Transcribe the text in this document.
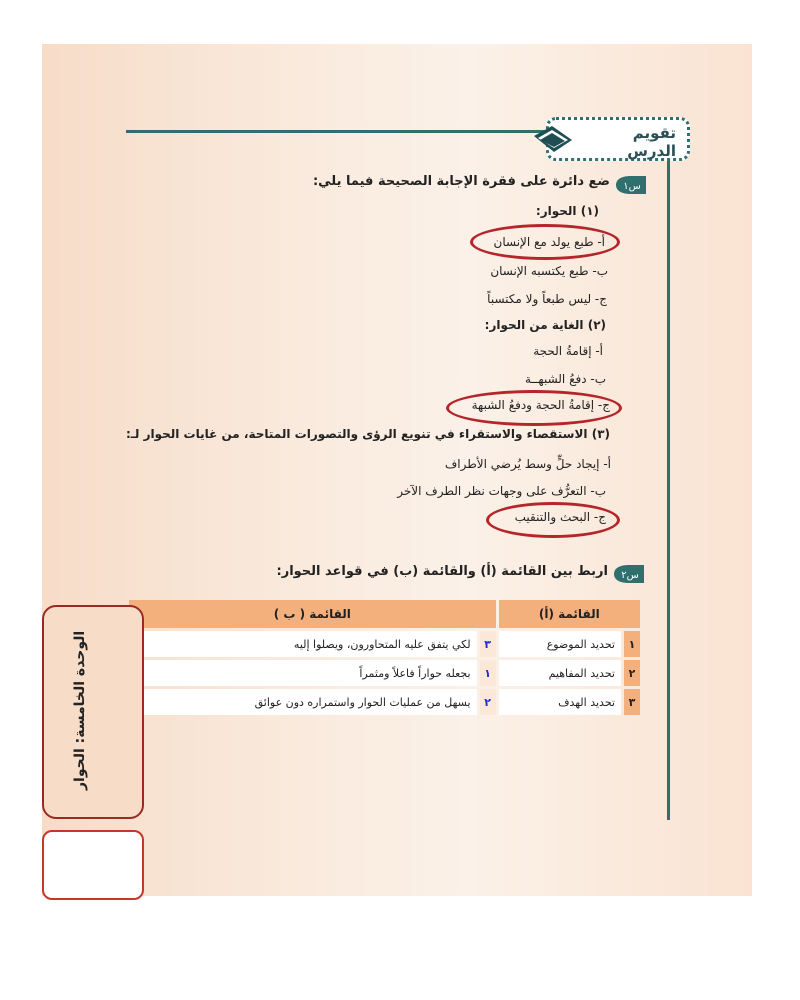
تقويم الدرس
س١
ضع دائرة على فقرة الإجابة الصحيحة فيما يلي:
(١) الحوار:
أ- طبع يولد مع الإنسان
ب- طبع يكتسبه الإنسان
ج- ليس طبعاً ولا مكتسباً
(٢) الغاية من الحوار:
أ- إقامةُ الحجة
ب- دفعُ الشبهــة
ج- إقامةُ الحجة ودفعُ الشبهة
(٣) الاستقصاء والاستقراء في تنويع الرؤى والتصورات المتاحة، من غايات الحوار لـ:
أ- إيجاد حلٍّ وسط يُرضي الأطراف
ب- التعرُّف على وجهات نظر الطرف الآخر
ج- البحث والتنقيب
س٢
اربط بين القائمة (أ) والقائمة (ب) في قواعد الحوار:
القائمة (أ)		القائمة ( ب )	
١	تحديد الموضوع	٣	لكي يتفق عليه المتحاورون، ويصلوا إليه
٢	تحديد المفاهيم	١	بجعله حواراً فاعلاً ومثمراً
٣	تحديد الهدف	٢	يسهل من عمليات الحوار واستمراره دون عوائق
الوحدة الخامسة: الحوار
